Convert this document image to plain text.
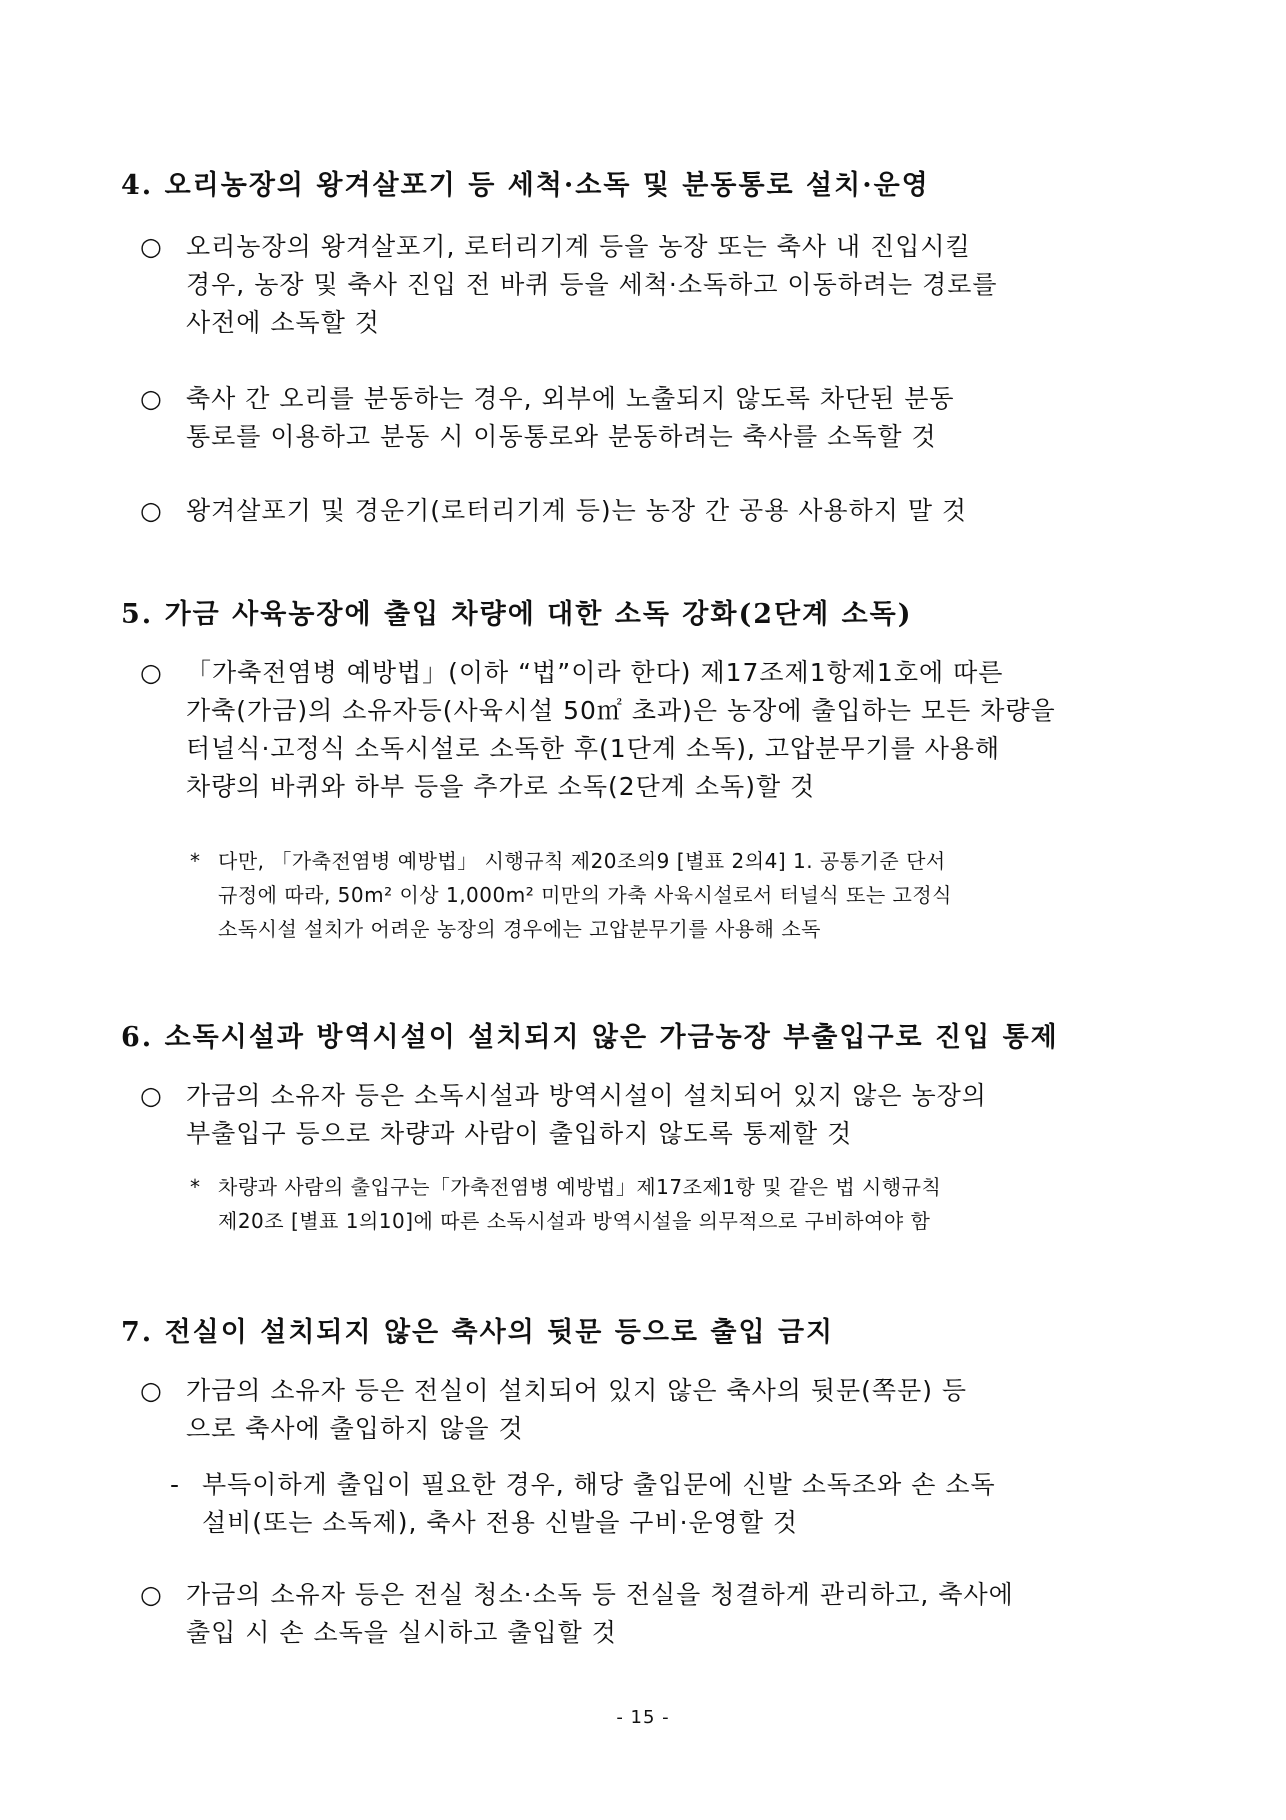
4. 오리농장의 왕겨살포기 등 세척·소독 및 분동통로 설치·운영
○ 오리농장의 왕겨살포기, 로터리기계 등을 농장 또는 축사 내 진입시킬
경우, 농장 및 축사 진입 전 바퀴 등을 세척·소독하고 이동하려는 경로를
사전에 소독할 것
○ 축사 간 오리를 분동하는 경우, 외부에 노출되지 않도록 차단된 분동
통로를 이용하고 분동 시 이동통로와 분동하려는 축사를 소독할 것
○ 왕겨살포기 및 경운기(로터리기계 등)는 농장 간 공용 사용하지 말 것
5. 가금 사육농장에 출입 차량에 대한 소독 강화(2단계 소독)
○ 「가축전염병 예방법」(이하 “법”이라 한다) 제17조제1항제1호에 따른
가축(가금)의 소유자등(사육시설 50㎡ 초과)은 농장에 출입하는 모든 차량을
터널식·고정식 소독시설로 소독한 후(1단계 소독), 고압분무기를 사용해
차량의 바퀴와 하부 등을 추가로 소독(2단계 소독)할 것
* 다만, 「가축전염병 예방법」 시행규칙 제20조의9 [별표 2의4] 1. 공통기준 단서
규정에 따라, 50m² 이상 1,000m² 미만의 가축 사육시설로서 터널식 또는 고정식
소독시설 설치가 어려운 농장의 경우에는 고압분무기를 사용해 소독
6. 소독시설과 방역시설이 설치되지 않은 가금농장 부출입구로 진입 통제
○ 가금의 소유자 등은 소독시설과 방역시설이 설치되어 있지 않은 농장의
부출입구 등으로 차량과 사람이 출입하지 않도록 통제할 것
* 차량과 사람의 출입구는「가축전염병 예방법」제17조제1항 및 같은 법 시행규칙
제20조 [별표 1의10]에 따른 소독시설과 방역시설을 의무적으로 구비하여야 함
7. 전실이 설치되지 않은 축사의 뒷문 등으로 출입 금지
○ 가금의 소유자 등은 전실이 설치되어 있지 않은 축사의 뒷문(쪽문) 등
으로 축사에 출입하지 않을 것
- 부득이하게 출입이 필요한 경우, 해당 출입문에 신발 소독조와 손 소독
설비(또는 소독제), 축사 전용 신발을 구비·운영할 것
○ 가금의 소유자 등은 전실 청소·소독 등 전실을 청결하게 관리하고, 축사에
출입 시 손 소독을 실시하고 출입할 것
- 15 -
